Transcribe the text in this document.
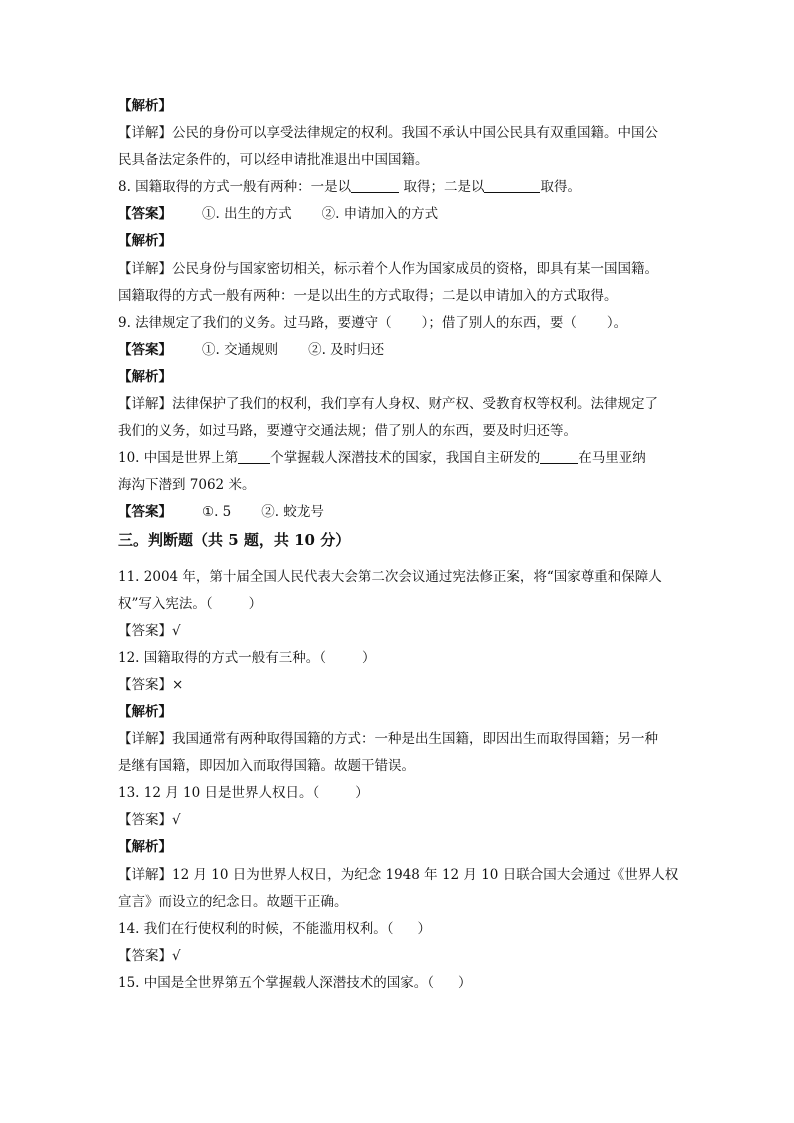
【解析】
【详解】公民的身份可以享受法律规定的权利。我国不承认中国公民具有双重国籍。中国公
民具备法定条件的，可以经申请批准退出中国国籍。
8. 国籍取得的方式一般有两种：一是以	取得；二是以	取得。
【答案】 ①. 出生的方式 ②. 申请加入的方式
【解析】
【详解】公民身份与国家密切相关，标示着个人作为国家成员的资格，即具有某一国国籍。
国籍取得的方式一般有两种：一是以出生的方式取得；二是以申请加入的方式取得。
9. 法律规定了我们的义务。过马路，要遵守（ ）；借了别人的东西，要（ ）。
【答案】 ①. 交通规则 ②. 及时归还
【解析】
【详解】法律保护了我们的权利，我们享有人身权、财产权、受教育权等权利。法律规定了
我们的义务，如过马路，要遵守交通法规；借了别人的东西，要及时归还等。
10. 中国是世界上第 个掌握载人深潜技术的国家，我国自主研发的	在马里亚纳
海沟下潜到 7062 米。
【答案】 ①. 5 ②. 蛟龙号
三。判断题（共 5 题，共 10 分）
11. 2004 年，第十届全国人民代表大会第二次会议通过宪法修正案，将“国家尊重和保障人
权”写入宪法。（	）
【答案】√
12. 国籍取得的方式一般有三种。（	）
【答案】×
【解析】
【详解】我国通常有两种取得国籍的方式：一种是出生国籍，即因出生而取得国籍；另一种
是继有国籍，即因加入而取得国籍。故题干错误。
13. 12 月 10 日是世界人权日。（	）
【答案】√
【解析】
【详解】12 月 10 日为世界人权日，为纪念 1948 年 12 月 10 日联合国大会通过《世界人权
宣言》而设立的纪念日。故题干正确。
14. 我们在行使权利的时候，不能滥用权利。（ ）
【答案】√
15. 中国是全世界第五个掌握载人深潜技术的国家。（ ）
